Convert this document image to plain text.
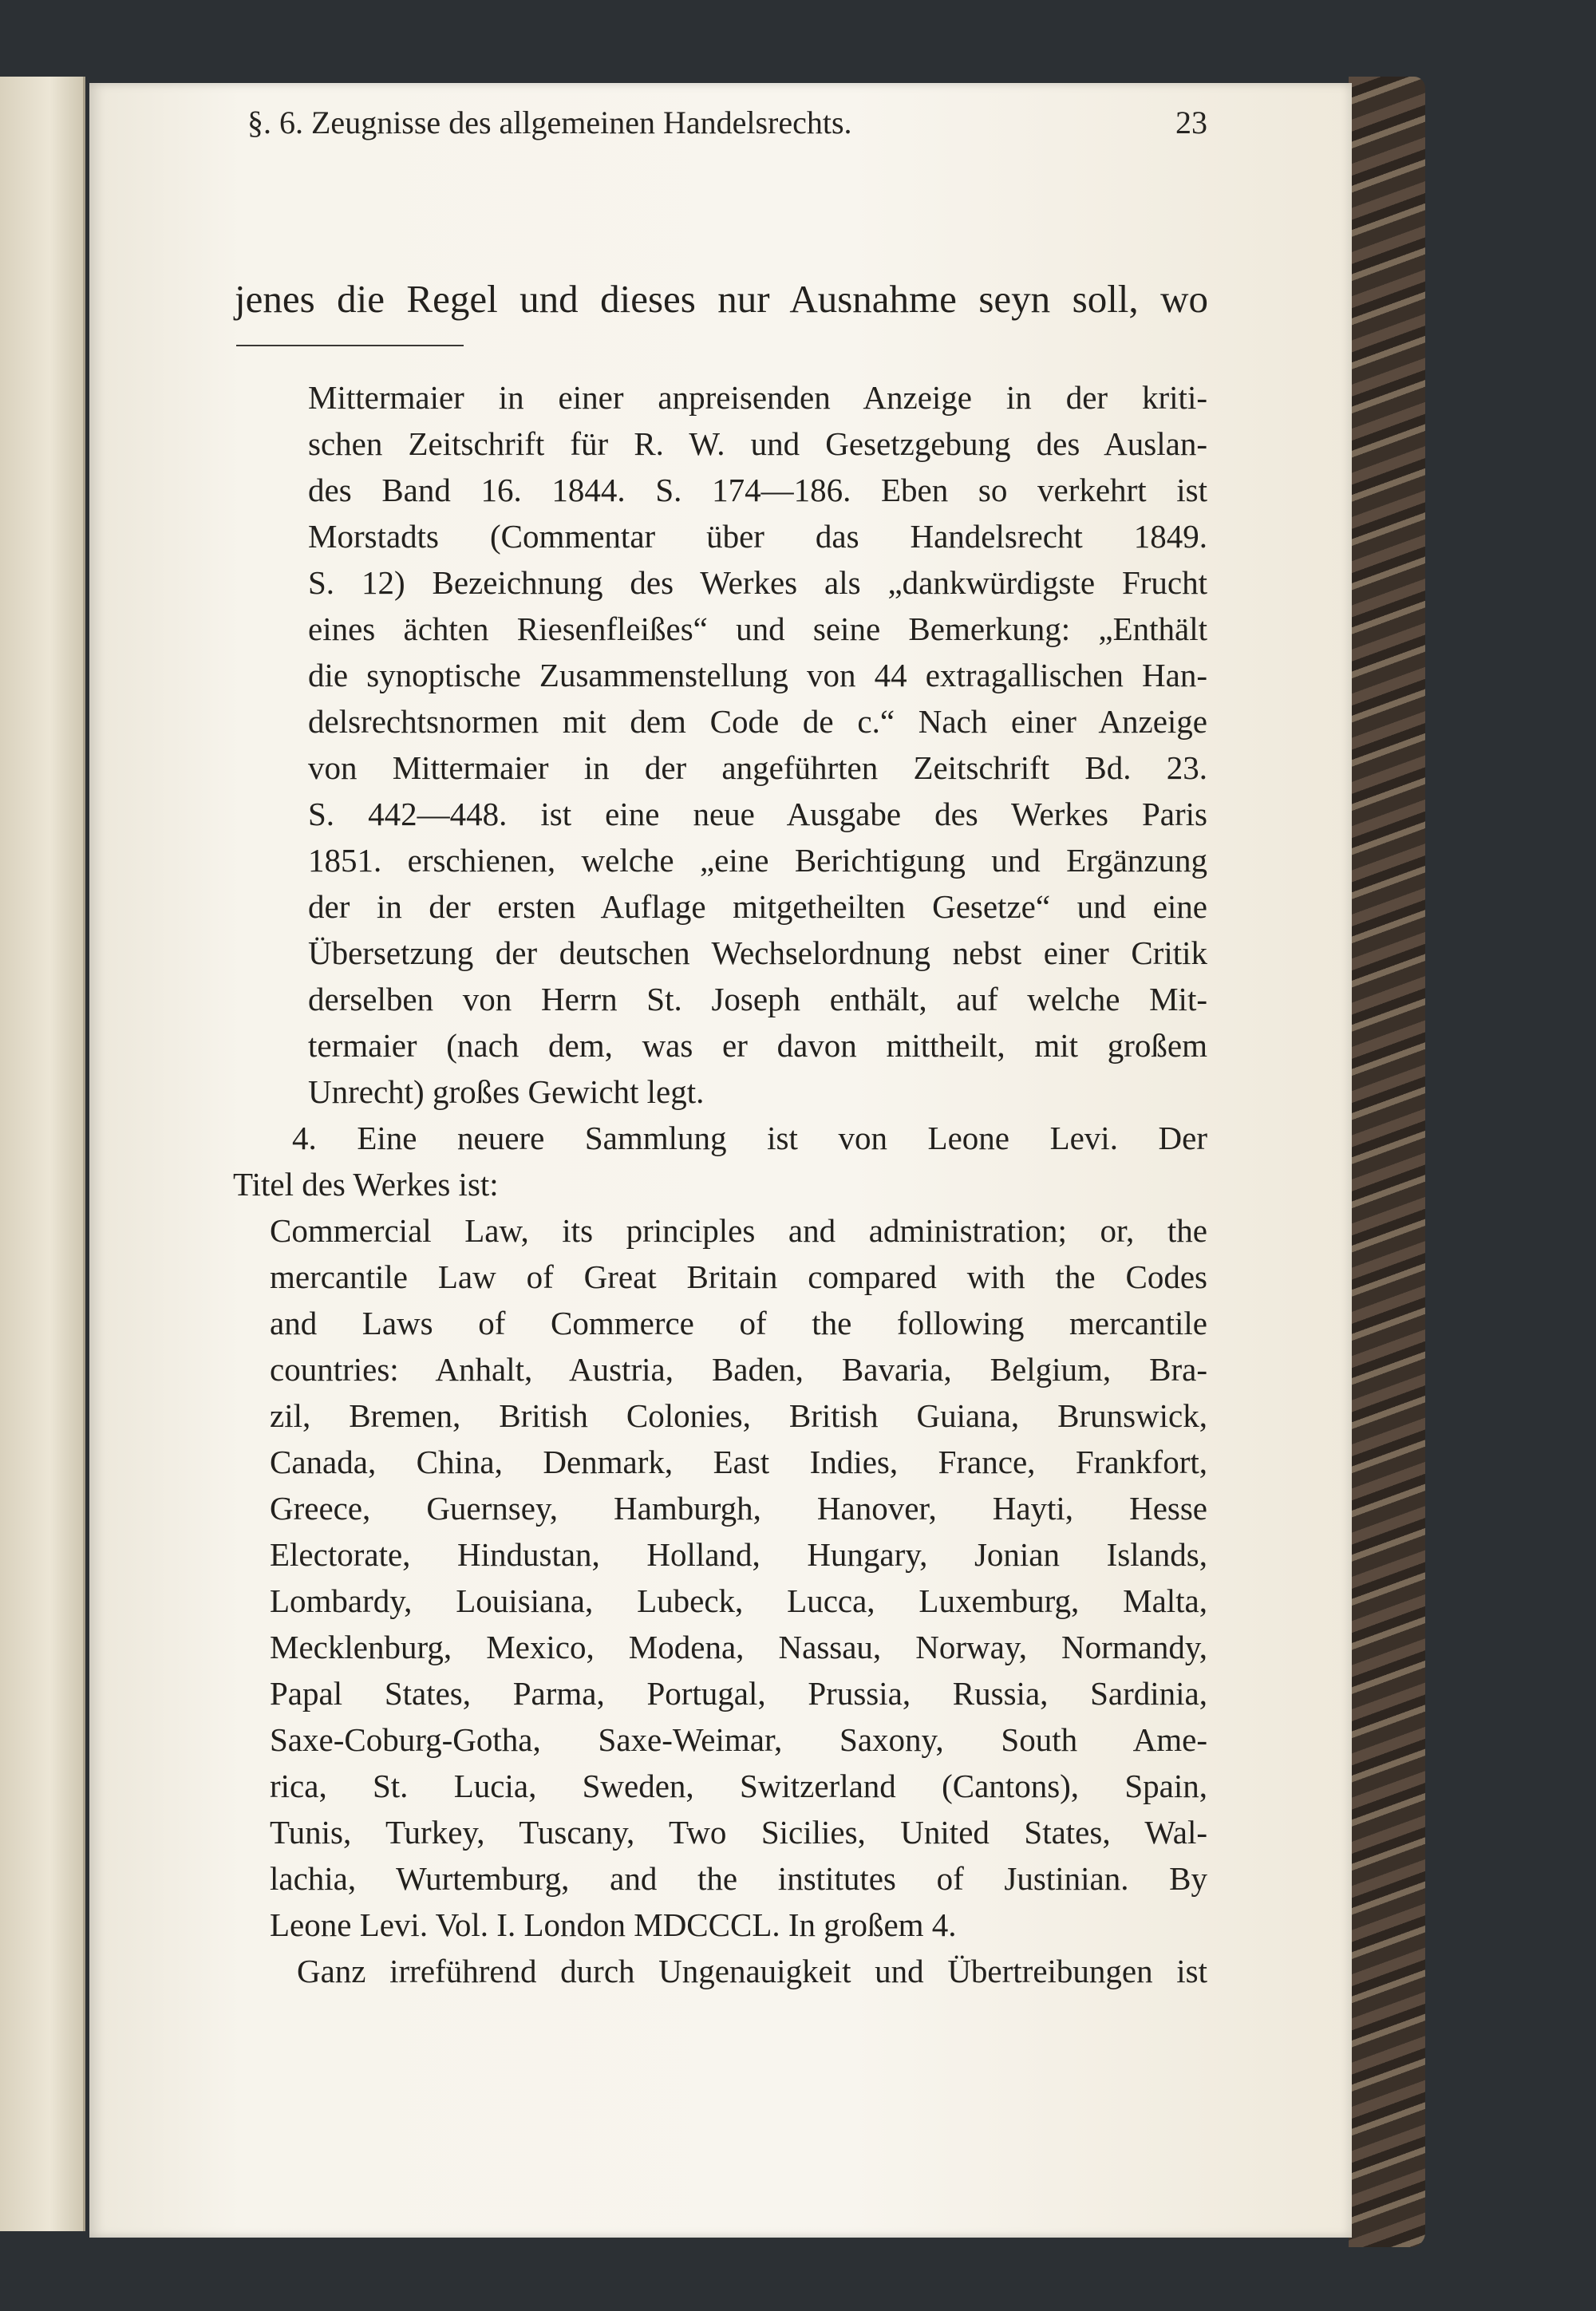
§. 6. Zeugnisse des allgemeinen Handelsrechts.	23
jenes die Regel und dieses nur Ausnahme seyn soll, wo
Mittermaier in einer anpreisenden Anzeige in der kriti-
schen Zeitschrift für R. W. und Gesetzgebung des Auslan-
des Band 16. 1844. S. 174—186. Eben so verkehrt ist
Morstadts (Commentar über das Handelsrecht 1849.
S. 12) Bezeichnung des Werkes als „dankwürdigste Frucht
eines ächten Riesenfleißes“ und seine Bemerkung: „Enthält
die synoptische Zusammenstellung von 44 extragallischen Han-
delsrechtsnormen mit dem Code de c.“ Nach einer Anzeige
von Mittermaier in der angeführten Zeitschrift Bd. 23.
S. 442—448. ist eine neue Ausgabe des Werkes Paris
1851. erschienen, welche „eine Berichtigung und Ergänzung
der in der ersten Auflage mitgetheilten Gesetze“ und eine
Übersetzung der deutschen Wechselordnung nebst einer Critik
derselben von Herrn St. Joseph enthält, auf welche Mit-
termaier (nach dem, was er davon mittheilt, mit großem
Unrecht) großes Gewicht legt.
4. Eine neuere Sammlung ist von Leone Levi. Der
Titel des Werkes ist:
Commercial Law, its principles and administration; or, the
mercantile Law of Great Britain compared with the Codes
and Laws of Commerce of the following mercantile
countries: Anhalt, Austria, Baden, Bavaria, Belgium, Bra-
zil, Bremen, British Colonies, British Guiana, Brunswick,
Canada, China, Denmark, East Indies, France, Frankfort,
Greece, Guernsey, Hamburgh, Hanover, Hayti, Hesse
Electorate, Hindustan, Holland, Hungary, Jonian Islands,
Lombardy, Louisiana, Lubeck, Lucca, Luxemburg, Malta,
Mecklenburg, Mexico, Modena, Nassau, Norway, Normandy,
Papal States, Parma, Portugal, Prussia, Russia, Sardinia,
Saxe-Coburg-Gotha, Saxe-Weimar, Saxony, South Ame-
rica, St. Lucia, Sweden, Switzerland (Cantons), Spain,
Tunis, Turkey, Tuscany, Two Sicilies, United States, Wal-
lachia, Wurtemburg, and the institutes of Justinian. By
Leone Levi. Vol. I. London MDCCCL. In großem 4.
Ganz irreführend durch Ungenauigkeit und Übertreibungen ist
